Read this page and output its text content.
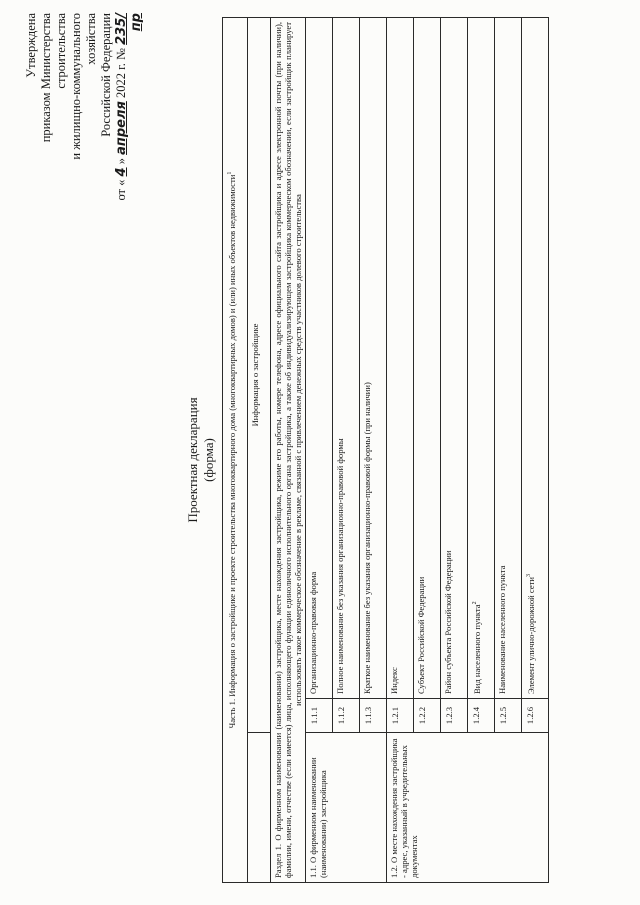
Утверждена приказом Министерства строительства и жилищно-коммунального хозяйства Российской Федерации
от « 4 » апреля 2022 г. № 235/пр
Проектная декларация (форма) Часть 1. Информация о застройщике и проекте строительства многоквартирного дома (многоквартирных домов) и (или) иных объектов недвижимости$^1$
	Информация о застройщике	
Раздел 1. О фирменном наименовании (наименовании) застройщика, месте нахождения застройщика, режиме его работы, номере телефона, адресе официального сайта застройщика и адресе электронной почты (при наличии), фамилии, имени, отчестве (если имеется) лица, исполняющего функции единоличного исполнительного органа застройщика, а также об индивидуализирующем застройщика коммерческом обозначении, если застройщик планирует использовать такое коммерческое обозначение в рекламе, связанной с привлечением денежных средств участников долевого строительства		
1.1. О фирменном наименовании (наименовании) застройщика	1.1.1	Организационно-правовая форма
	1.1.2	Полное наименование без указания организационно-правовой формы
	1.1.3	Краткое наименование без указания организационно-правовой формы (при наличии)
1.2. О месте нахождения застройщика - адрес, указанный в учредительных документах	1.2.1	Индекс
	1.2.2	Субъект Российской Федерации
	1.2.3	Район субъекта Российской Федерации
	1.2.4	Вид населенного пункта$^2$
	1.2.5	Наименование населенного пункта
	1.2.6	Элемент улично-дорожной сети$^3$
